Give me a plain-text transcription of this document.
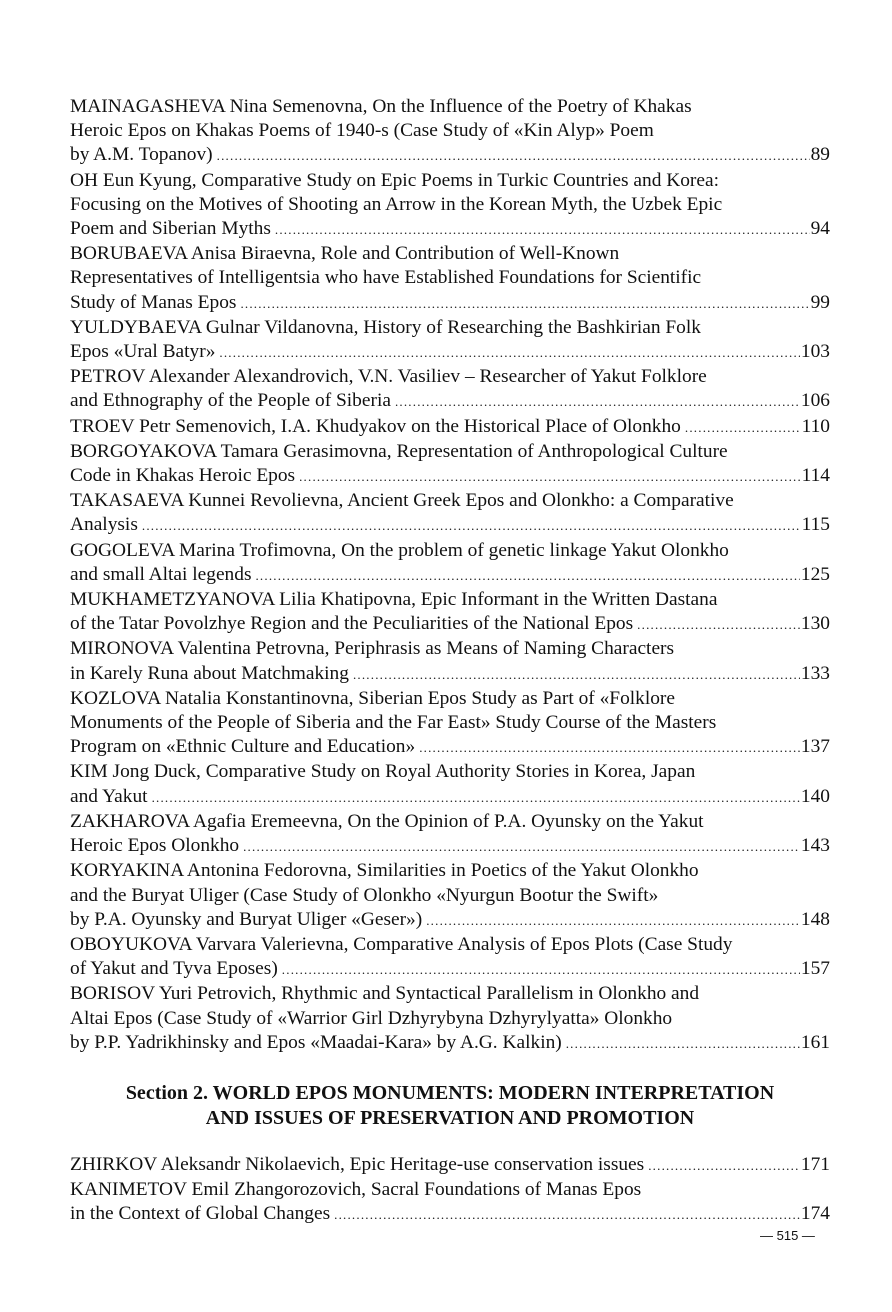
MAINAGASHEVA Nina Semenovna, On the Influence of the Poetry of Khakas
Heroic Epos on Khakas Poems of 1940-s (Case Study of «Kin Alyp» Poem
by A.M. Topanov) .....	89
OH Eun Kyung, Comparative Study on Epic Poems in Turkic Countries and Korea:
Focusing on the Motives of Shooting an Arrow in the Korean Myth, the Uzbek Epic
Poem and Siberian Myths .....	94
BORUBAEVA Anisa Biraevna, Role and Contribution of Well-Known
Representatives of Intelligentsia who have Established Foundations for Scientific
Study of Manas Epos .....	99
YULDYBAEVA Gulnar Vildanovna, History of Researching the Bashkirian Folk
Epos «Ural Batyr» .....	103
PETROV Alexander Alexandrovich, V.N. Vasiliev – Researcher of Yakut Folklore
and Ethnography of the People of Siberia .....	106
TROEV Petr Semenovich, I.A. Khudyakov on the Historical Place of Olonkho .....	110
BORGOYAKOVA Tamara Gerasimovna, Representation of Anthropological Culture
Code in Khakas Heroic Epos .....	114
TAKASAEVA Kunnei Revolievna, Ancient Greek Epos and Olonkho: a Comparative
Analysis .....	115
GOGOLEVA Marina Trofimovna, On the problem of genetic linkage Yakut Olonkho
and small Altai legends .....	125
MUKHAMETZYANOVA Lilia Khatipovna, Epic Informant in the Written Dastana
of the Tatar Povolzhye Region and the Peculiarities of the National Epos .....	130
MIRONOVA Valentina Petrovna, Periphrasis as Means of Naming Characters
in Karely Runa about Matchmaking .....	133
KOZLOVA Natalia Konstantinovna, Siberian Epos Study as Part of «Folklore
Monuments of the People of Siberia and the Far East» Study Course of the Masters
Program on «Ethnic Culture and Education» .....	137
KIM Jong Duck, Comparative Study on Royal Authority Stories in Korea, Japan
and Yakut .....	140
ZAKHAROVA Agafia Eremeevna, On the Opinion of P.A. Oyunsky on the Yakut
Heroic Epos Olonkho .....	143
KORYAKINA Antonina Fedorovna, Similarities in Poetics of the Yakut Olonkho
and the Buryat Uliger (Case Study of Olonkho «Nyurgun Bootur the Swift»
by P.A. Oyunsky and Buryat Uliger «Geser») .....	148
OBOYUKOVA Varvara Valerievna, Comparative Analysis of Epos Plots (Case Study
of Yakut and Tyva Eposes) .....	157
BORISOV Yuri Petrovich, Rhythmic and Syntactical Parallelism in Olonkho and
Altai Epos (Case Study of «Warrior Girl Dzhyrybyna Dzhyrylyatta» Olonkho
by P.P. Yadrikhinsky and Epos «Maadai-Kara» by A.G. Kalkin) .....	161
Section 2. WORLD EPOS MONUMENTS: MODERN INTERPRETATION
AND ISSUES OF PRESERVATION AND PROMOTION
ZHIRKOV Aleksandr Nikolaevich, Epic Heritage-use conservation issues .....	171
KANIMETOV Emil Zhangorozovich, Sacral Foundations of Manas Epos
in the Context of Global Changes .....	174
— 515 —
